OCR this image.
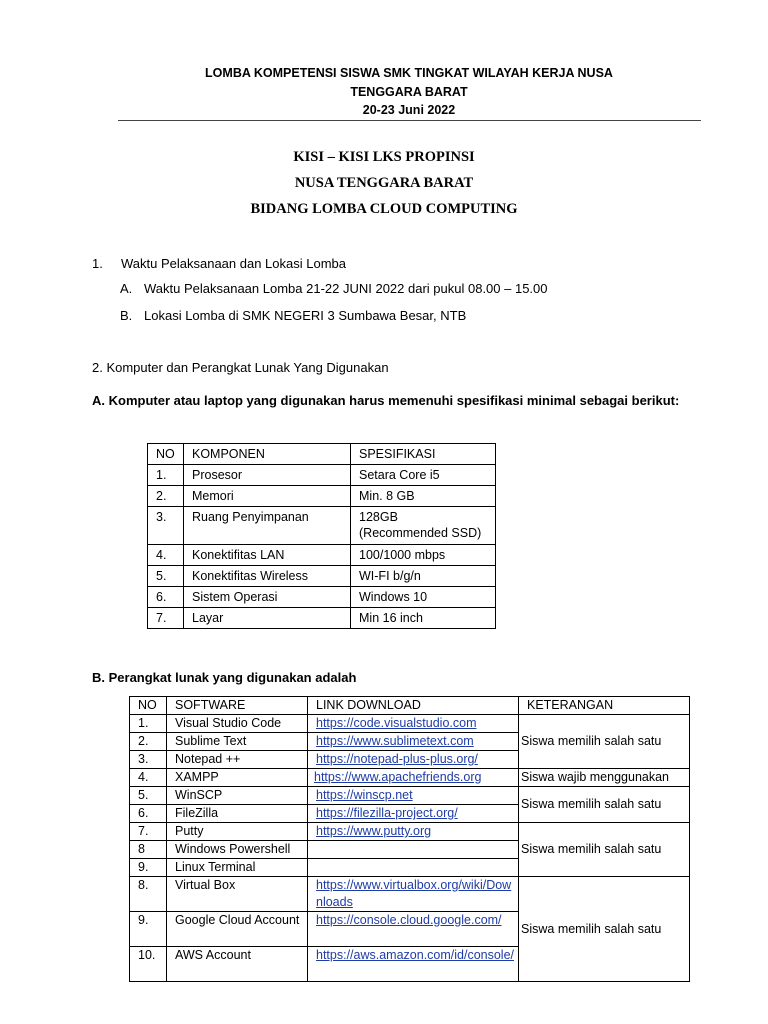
LOMBA KOMPETENSI SISWA SMK TINGKAT WILAYAH KERJA NUSA
TENGGARA BARAT
20-23 Juni 2022
KISI – KISI LKS PROPINSI
NUSA TENGGARA BARAT
BIDANG LOMBA CLOUD COMPUTING
1. Waktu Pelaksanaan dan Lokasi Lomba
A. Waktu Pelaksanaan Lomba 21-22 JUNI 2022 dari pukul 08.00 – 15.00
B. Lokasi Lomba di SMK NEGERI 3 Sumbawa Besar, NTB
2. Komputer dan Perangkat Lunak Yang Digunakan
A. Komputer atau laptop yang digunakan harus memenuhi spesifikasi minimal sebagai berikut:
NO	KOMPONEN	SPESIFIKASI
1.	Prosesor	Setara Core i5
2.	Memori	Min. 8 GB
3.	Ruang Penyimpanan	128GB (Recommended SSD)
4.	Konektifitas LAN	100/1000 mbps
5.	Konektifitas Wireless	WI-FI b/g/n
6.	Sistem Operasi	Windows 10
7.	Layar	Min 16 inch
B. Perangkat lunak yang digunakan adalah
NO	SOFTWARE	LINK DOWNLOAD	KETERANGAN
1.	Visual Studio Code	https://code.visualstudio.com	Siswa memilih salah satu
2.	Sublime Text	https://www.sublimetext.com	
3.	Notepad ++	https://notepad-plus-plus.org/	
4.	XAMPP	https://www.apachefriends.org	Siswa wajib menggunakan
5.	WinSCP	https://winscp.net	Siswa memilih salah satu
6.	FileZilla	https://filezilla-project.org/	
7.	Putty	https://www.putty.org	Siswa memilih salah satu
8	Windows Powershell		
9.	Linux Terminal		
8.	Virtual Box	https://www.virtualbox.org/wiki/Downloads	Siswa memilih salah satu
9.	Google Cloud Account	https://console.cloud.google.com/	
10.	AWS Account	https://aws.amazon.com/id/console/	
